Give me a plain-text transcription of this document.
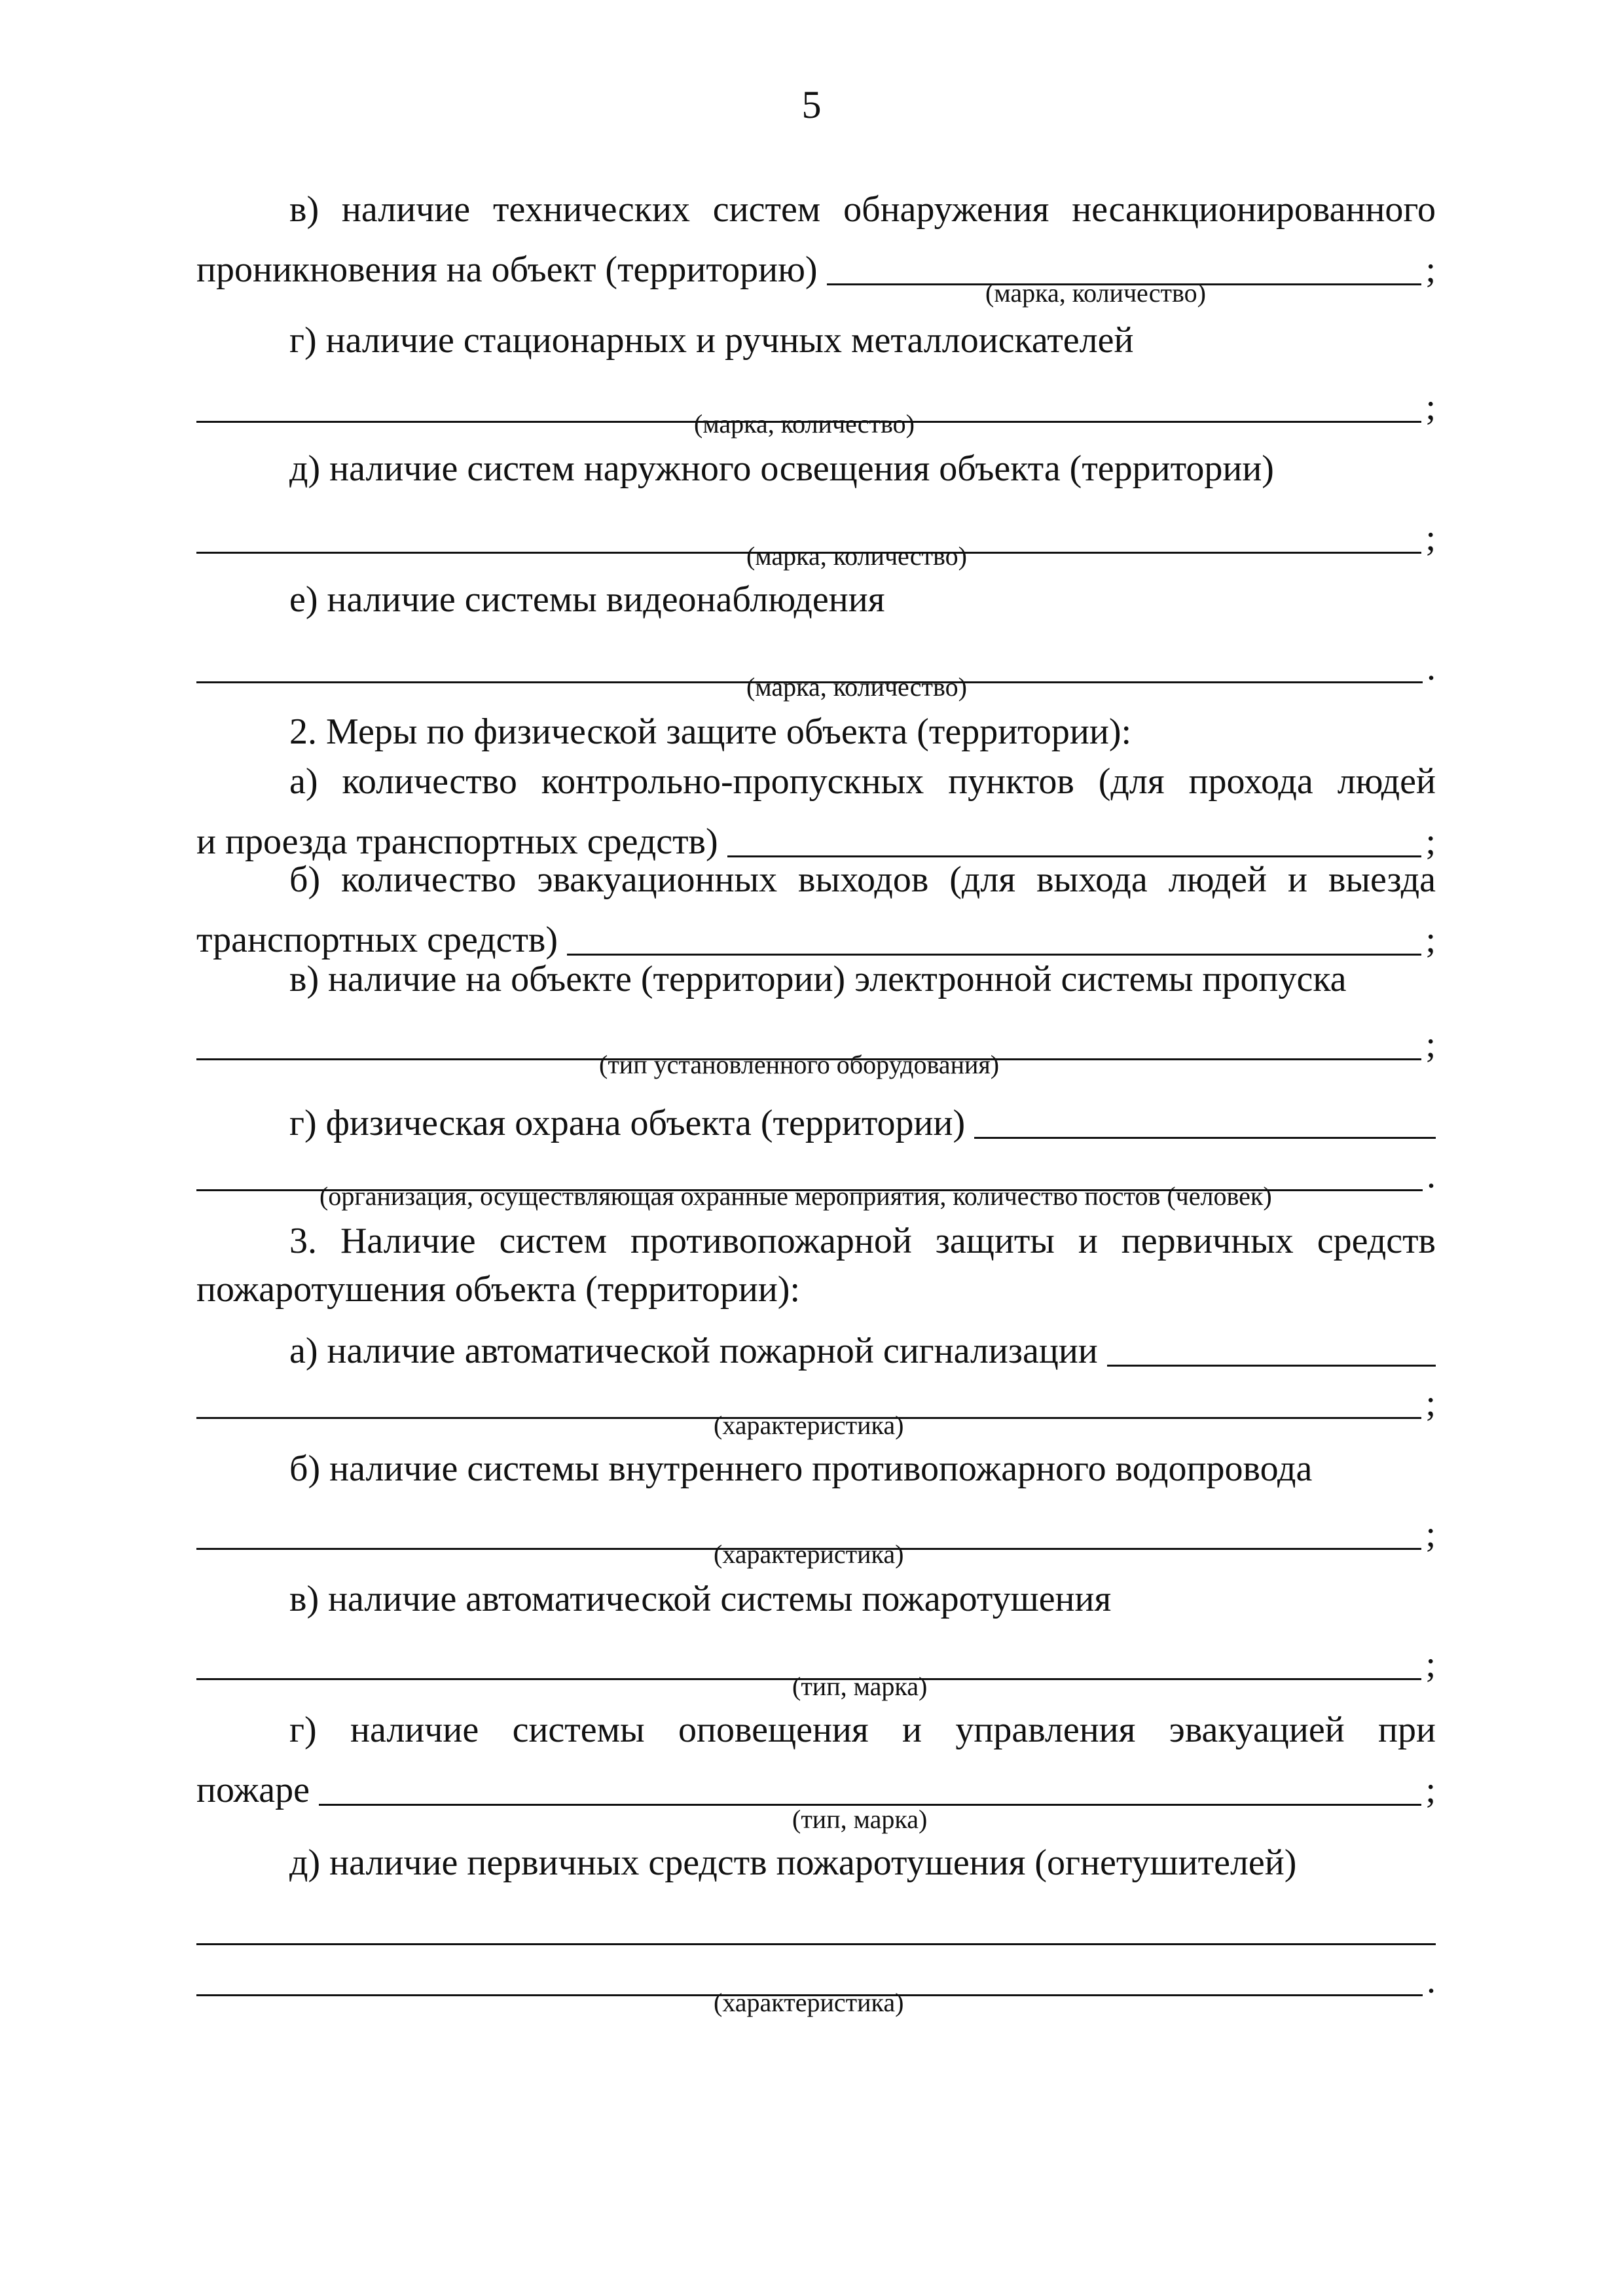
5
в) наличие технических систем обнаружения несанкционированного
проникновения на объект (территорию)	;
(марка, количество)
г) наличие стационарных и ручных металлоискателей
;
(марка, количество)
д) наличие систем наружного освещения объекта (территории)
;
(марка, количество)
е) наличие системы видеонаблюдения
.
(марка, количество)
2. Меры по физической защите объекта (территории):
а) количество контрольно-пропускных пунктов (для прохода людей
и проезда транспортных средств)	;
б) количество эвакуационных выходов (для выхода людей и выезда
транспортных средств)	;
в) наличие на объекте (территории) электронной системы пропуска
;
(тип установленного оборудования)
г) физическая охрана объекта (территории)
.
(организация, осуществляющая охранные мероприятия, количество постов (человек)
3. Наличие систем противопожарной защиты и первичных средств
пожаротушения объекта (территории):
а) наличие автоматической пожарной сигнализации
;
(характеристика)
б) наличие системы внутреннего противопожарного водопровода
;
(характеристика)
в) наличие автоматической системы пожаротушения
;
(тип, марка)
г) наличие системы оповещения и управления эвакуацией при
пожаре	;
(тип, марка)
д) наличие первичных средств пожаротушения (огнетушителей)
.
(характеристика)
